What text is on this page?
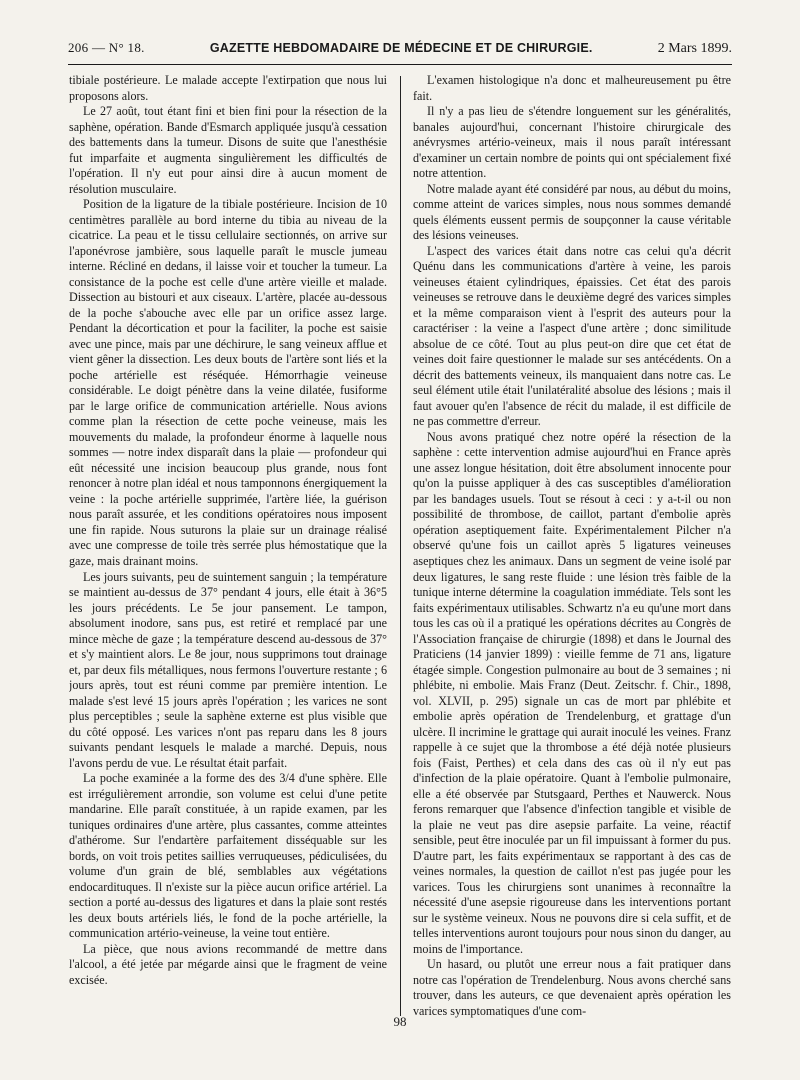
206 — N° 18.	GAZETTE HEBDOMADAIRE DE MÉDECINE ET DE CHIRURGIE.	2 Mars 1899.

tibiale postérieure. Le malade accepte l'extirpation que nous lui proposons alors.

Le 27 août, tout étant fini et bien fini pour la résection de la saphène, opération. Bande d'Esmarch appliquée jusqu'à cessation des battements dans la tumeur. Disons de suite que l'anesthésie fut imparfaite et augmenta singulièrement les difficultés de l'opération. Il n'y eut pour ainsi dire à aucun moment de résolution musculaire.

Position de la ligature de la tibiale postérieure. Incision de 10 centimètres parallèle au bord interne du tibia au niveau de la cicatrice. La peau et le tissu cellulaire sectionnés, on arrive sur l'aponévrose jambière, sous laquelle paraît le muscle jumeau interne. Récliné en dedans, il laisse voir et toucher la tumeur. La consistance de la poche est celle d'une artère vieille et malade. Dissection au bistouri et aux ciseaux. L'artère, placée au-dessous de la poche s'abouche avec elle par un orifice assez large. Pendant la décortication et pour la faciliter, la poche est saisie avec une pince, mais par une déchirure, le sang veineux afflue et vient gêner la dissection. Les deux bouts de l'artère sont liés et la poche artérielle est réséquée. Hémorrhagie veineuse considérable. Le doigt pénètre dans la veine dilatée, fusiforme par le large orifice de communication artérielle. Nous avions comme plan la résection de cette poche veineuse, mais les mouvements du malade, la profondeur énorme à laquelle nous sommes — notre index disparaît dans la plaie — profondeur qui eût nécessité une incision beaucoup plus grande, nous font renoncer à notre plan idéal et nous tamponnons énergiquement la veine : la poche artérielle supprimée, l'artère liée, la guérison nous paraît assurée, et les conditions opératoires nous imposent une fin rapide. Nous suturons la plaie sur un drainage réalisé avec une compresse de toile très serrée plus hémostatique que la gaze, mais drainant moins.

Les jours suivants, peu de suintement sanguin ; la température se maintient au-dessus de 37° pendant 4 jours, elle était à 36°5 les jours précédents. Le 5e jour pansement. Le tampon, absolument inodore, sans pus, est retiré et remplacé par une mince mèche de gaze ; la température descend au-dessous de 37° et s'y maintient alors. Le 8e jour, nous supprimons tout drainage et, par deux fils métalliques, nous fermons l'ouverture restante ; 6 jours après, tout est réuni comme par première intention. Le malade s'est levé 15 jours après l'opération ; les varices ne sont plus perceptibles ; seule la saphène externe est plus visible que du côté opposé. Les varices n'ont pas reparu dans les 8 jours suivants pendant lesquels le malade a marché. Depuis, nous l'avons perdu de vue. Le résultat était parfait.

La poche examinée a la forme des des 3/4 d'une sphère. Elle est irrégulièrement arrondie, son volume est celui d'une petite mandarine. Elle paraît constituée, à un rapide examen, par les tuniques ordinaires d'une artère, plus cassantes, comme atteintes d'athérome. Sur l'endartère parfaitement disséquable sur les bords, on voit trois petites saillies verruqueuses, pédiculisées, du volume d'un grain de blé, semblables aux végétations endocardituques. Il n'existe sur la pièce aucun orifice artériel. La section a porté au-dessus des ligatures et dans la plaie sont restés les deux bouts artériels liés, le fond de la poche artérielle, la communication artério-veineuse, la veine tout entière.

La pièce, que nous avions recommandé de mettre dans l'alcool, a été jetée par mégarde ainsi que le fragment de veine excisée.

L'examen histologique n'a donc et malheureusement pu être fait.

Il n'y a pas lieu de s'étendre longuement sur les généralités, banales aujourd'hui, concernant l'histoire chirurgicale des anévrysmes artério-veineux, mais il nous paraît intéressant d'examiner un certain nombre de points qui ont spécialement fixé notre attention.

Notre malade ayant été considéré par nous, au début du moins, comme atteint de varices simples, nous nous sommes demandé quels éléments eussent permis de soupçonner la cause véritable des lésions veineuses.

L'aspect des varices était dans notre cas celui qu'a décrit Quénu dans les communications d'artère à veine, les parois veineuses étaient cylindriques, épaissies. Cet état des parois veineuses se retrouve dans le deuxième degré des varices simples et la même comparaison vient à l'esprit des auteurs pour la caractériser : la veine a l'aspect d'une artère ; donc similitude absolue de ce côté. Tout au plus peut-on dire que cet état de veines doit faire questionner le malade sur ses antécédents. On a décrit des battements veineux, ils manquaient dans notre cas. Le seul élément utile était l'unilatéralité absolue des lésions ; mais il faut avouer qu'en l'absence de récit du malade, il est difficile de ne pas commettre d'erreur.

Nous avons pratiqué chez notre opéré la résection de la saphène : cette intervention admise aujourd'hui en France après une assez longue hésitation, doit être absolument innocente pour qu'on la puisse appliquer à des cas susceptibles d'amélioration par les bandages usuels. Tout se résout à ceci : y a-t-il ou non possibilité de thrombose, de caillot, partant d'embolie après opération aseptiquement faite. Expérimentalement Pilcher n'a observé qu'une fois un caillot après 5 ligatures veineuses aseptiques chez les animaux. Dans un segment de veine isolé par deux ligatures, le sang reste fluide : une lésion très faible de la tunique interne détermine la coagulation immédiate. Tels sont les faits expérimentaux utilisables. Schwartz n'a eu qu'une mort dans tous les cas où il a pratiqué les opérations décrites au Congrès de l'Association française de chirurgie (1898) et dans le Journal des Praticiens (14 janvier 1899) : vieille femme de 71 ans, ligature étagée simple. Congestion pulmonaire au bout de 3 semaines ; ni phlébite, ni embolie. Mais Franz (Deut. Zeitschr. f. Chir., 1898, vol. XLVII, p. 295) signale un cas de mort par phlébite et embolie après opération de Trendelenburg, et grattage d'un ulcère. Il incrimine le grattage qui aurait inoculé les veines. Franz rappelle à ce sujet que la thrombose a été déjà notée plusieurs fois (Faist, Perthes) et cela dans des cas où il n'y eut pas d'infection de la plaie opératoire. Quant à l'embolie pulmonaire, elle a été observée par Stutsgaard, Perthes et Nauwerck. Nous ferons remarquer que l'absence d'infection tangible et visible de la plaie ne veut pas dire asepsie parfaite. La veine, réactif sensible, peut être inoculée par un fil impuissant à former du pus. D'autre part, les faits expérimentaux se rapportant à des cas de veines normales, la question de caillot n'est pas jugée pour les varices. Tous les chirurgiens sont unanimes à reconnaître la nécessité d'une asepsie rigoureuse dans les interventions portant sur le système veineux. Nous ne pouvons dire si cela suffit, et de telles interventions auront toujours pour nous sinon du danger, au moins de l'importance.

Un hasard, ou plutôt une erreur nous a fait pratiquer dans notre cas l'opération de Trendelenburg. Nous avons cherché sans trouver, dans les auteurs, ce que devenaient après opération les varices symptomatiques d'une com-

98
